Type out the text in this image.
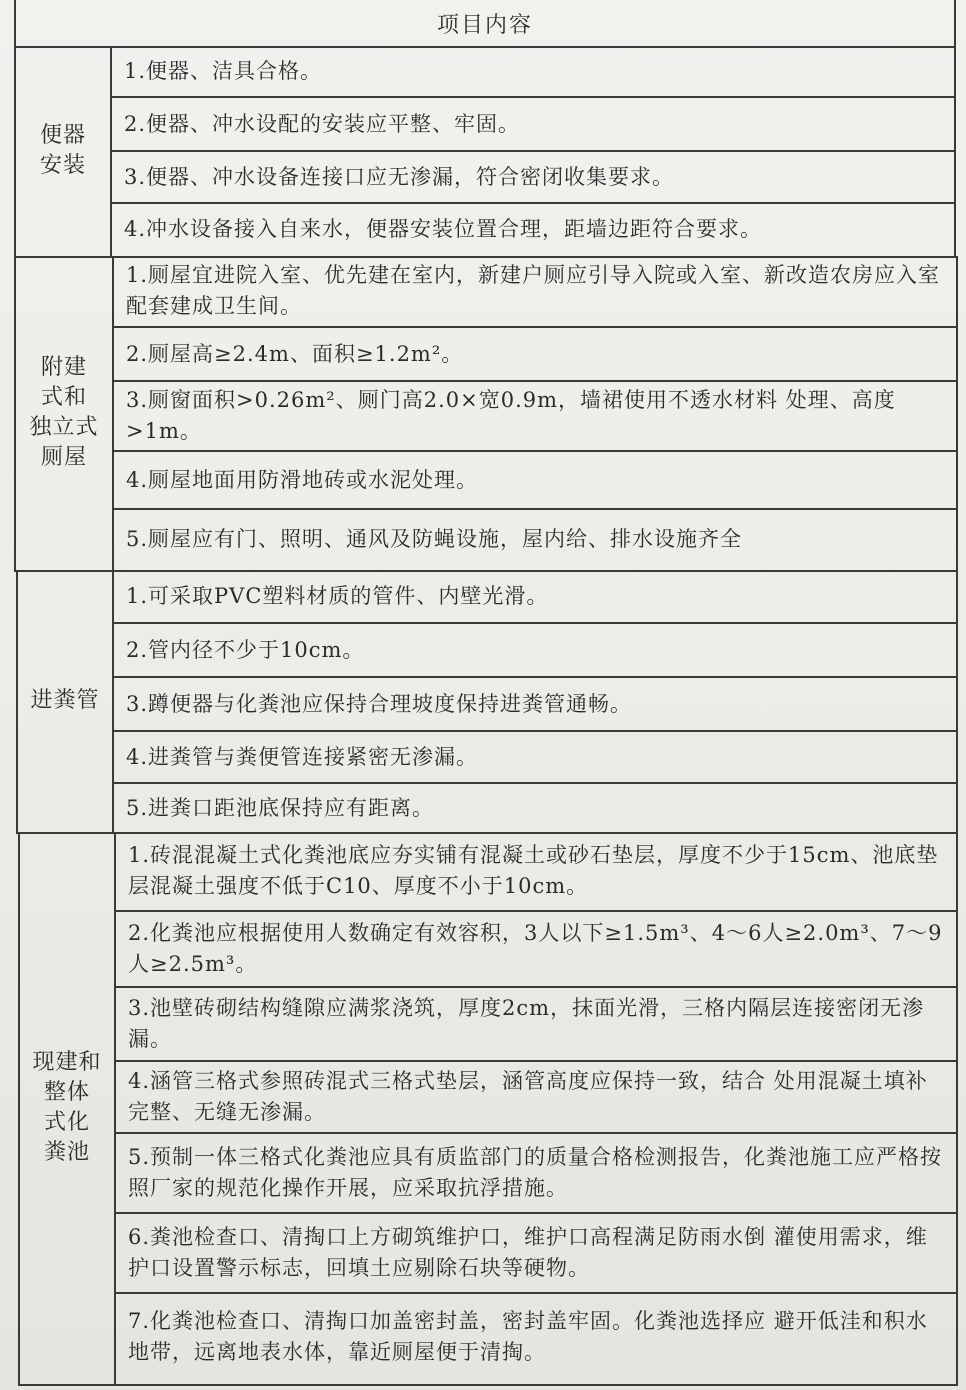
项目内容
便器
安装
1.便器、洁具合格。
2.便器、冲水设配的安装应平整、牢固。
3.便器、冲水设备连接口应无渗漏，符合密闭收集要求。
4.冲水设备接入自来水，便器安装位置合理，距墙边距符合要求。
附建
式和
独立式
厕屋
1.厕屋宜进院入室、优先建在室内，新建户厕应引导入院或入室、新改造农房应入室配套建成卫生间。
2.厕屋高≥2.4m、面积≥1.2m²。
3.厕窗面积>0.26m²、厕门高2.0×宽0.9m，墙裙使用不透水材料 处理、高度>1m。
4.厕屋地面用防滑地砖或水泥处理。
5.厕屋应有门、照明、通风及防蝇设施，屋内给、排水设施齐全
进粪管
1.可采取PVC塑料材质的管件、内壁光滑。
2.管内径不少于10cm。
3.蹲便器与化粪池应保持合理坡度保持进粪管通畅。
4.进粪管与粪便管连接紧密无渗漏。
5.进粪口距池底保持应有距离。
现建和
整体
式化
粪池
1.砖混混凝土式化粪池底应夯实铺有混凝土或砂石垫层，厚度不少于15cm、池底垫层混凝土强度不低于C10、厚度不小于10cm。
2.化粪池应根据使用人数确定有效容积，3人以下≥1.5m³、4～6人≥2.0m³、7～9人≥2.5m³。
3.池壁砖砌结构缝隙应满浆浇筑，厚度2cm，抹面光滑，三格内隔层连接密闭无渗漏。
4.涵管三格式参照砖混式三格式垫层，涵管高度应保持一致，结合 处用混凝土填补完整、无缝无渗漏。
5.预制一体三格式化粪池应具有质监部门的质量合格检测报告，化粪池施工应严格按照厂家的规范化操作开展，应采取抗浮措施。
6.粪池检查口、清掏口上方砌筑维护口，维护口高程满足防雨水倒 灌使用需求，维护口设置警示标志，回填土应剔除石块等硬物。
7.化粪池检查口、清掏口加盖密封盖，密封盖牢固。化粪池选择应 避开低洼和积水地带，远离地表水体，靠近厕屋便于清掏。
